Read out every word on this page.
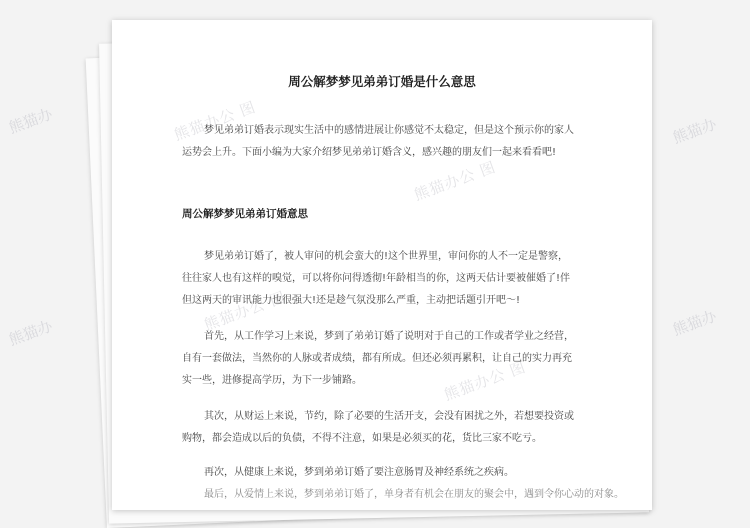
熊猫办
熊猫办
熊猫办
熊猫办
熊猫办公 图
熊猫办公 图
熊猫办公 图
熊猫办公 图
周公解梦梦见弟弟订婚是什么意思

梦见弟弟订婚表示现实生活中的感情进展让你感觉不太稳定，但是这个预示你的家人
运势会上升。下面小编为大家介绍梦见弟弟订婚含义，感兴趣的朋友们一起来看看吧!

周公解梦梦见弟弟订婚意思

梦见弟弟订婚了，被人审问的机会蛮大的!这个世界里，审问你的人不一定是警察，
往往家人也有这样的嗅觉，可以将你问得透彻!年龄相当的你，这两天估计要被催婚了!伴
但这两天的审讯能力也很强大!还是趁气氛没那么严重，主动把话题引开吧～!

首先，从工作学习上来说，梦到了弟弟订婚了说明对于自己的工作或者学业之经营，
自有一套做法，当然你的人脉或者成绩，都有所成。但还必须再累积，让自己的实力再充
实一些，进修提高学历，为下一步铺路。

其次，从财运上来说，节约，除了必要的生活开支，会没有困扰之外，若想要投资或
购物，都会造成以后的负债，不得不注意，如果是必须买的花，货比三家不吃亏。

再次，从健康上来说，梦到弟弟订婚了要注意肠胃及神经系统之疾病。
最后，从爱情上来说，梦到弟弟订婚了，单身者有机会在朋友的聚会中，遇到令你心动的对象。
